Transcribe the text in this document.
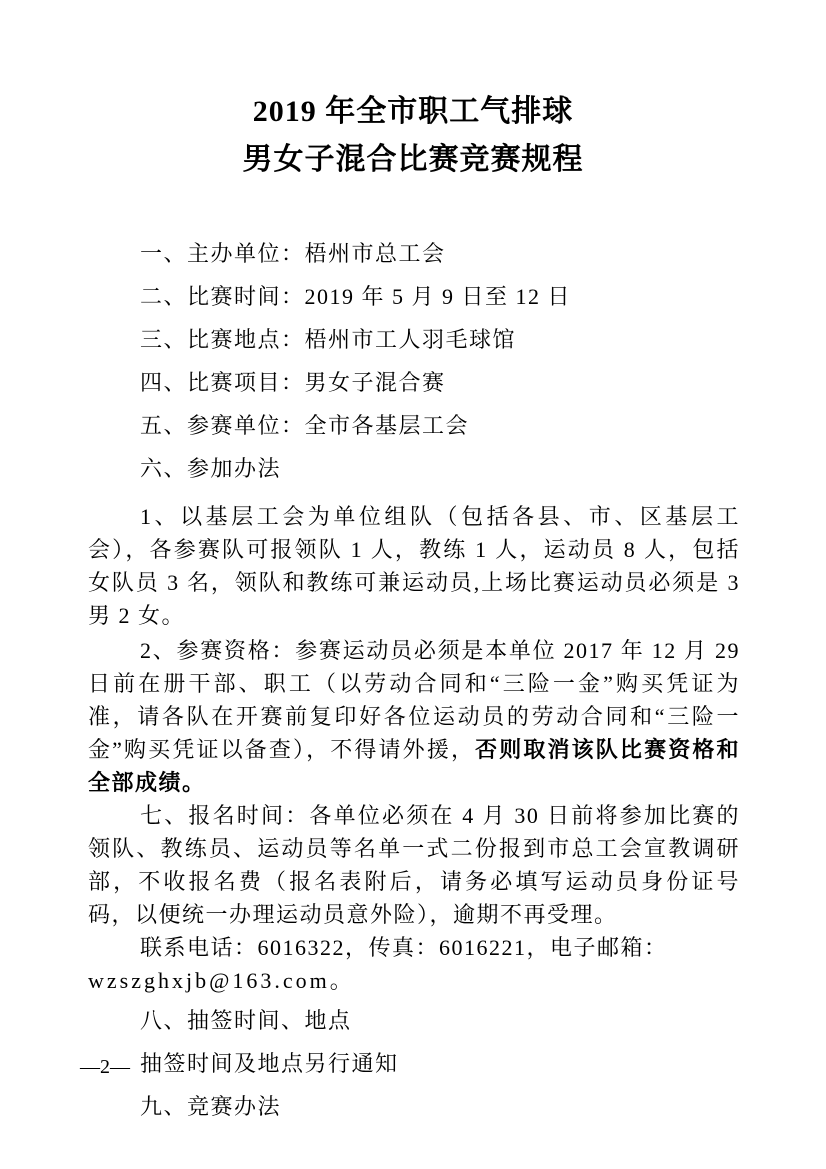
2019 年全市职工气排球
男女子混合比赛竞赛规程

一、主办单位：梧州市总工会

二、比赛时间：2019 年 5 月 9 日至 12 日

三、比赛地点：梧州市工人羽毛球馆

四、比赛项目：男女子混合赛

五、参赛单位：全市各基层工会

六、参加办法

1、以基层工会为单位组队（包括各县、市、区基层工会），各参赛队可报领队 1 人，教练 1 人，运动员 8 人，包括女队员 3 名，领队和教练可兼运动员,上场比赛运动员必须是 3 男 2 女。

2、参赛资格：参赛运动员必须是本单位 2017 年 12 月 29 日前在册干部、职工（以劳动合同和“三险一金”购买凭证为准，请各队在开赛前复印好各位运动员的劳动合同和“三险一金”购买凭证以备查），不得请外援，否则取消该队比赛资格和全部成绩。

七、报名时间：各单位必须在 4 月 30 日前将参加比赛的领队、教练员、运动员等名单一式二份报到市总工会宣教调研部，不收报名费（报名表附后，请务必填写运动员身份证号码，以便统一办理运动员意外险），逾期不再受理。

联系电话：6016322，传真：6016221，电子邮箱：
wzszghxjb@163.com。

八、抽签时间、地点

抽签时间及地点另行通知

九、竞赛办法

—2—
